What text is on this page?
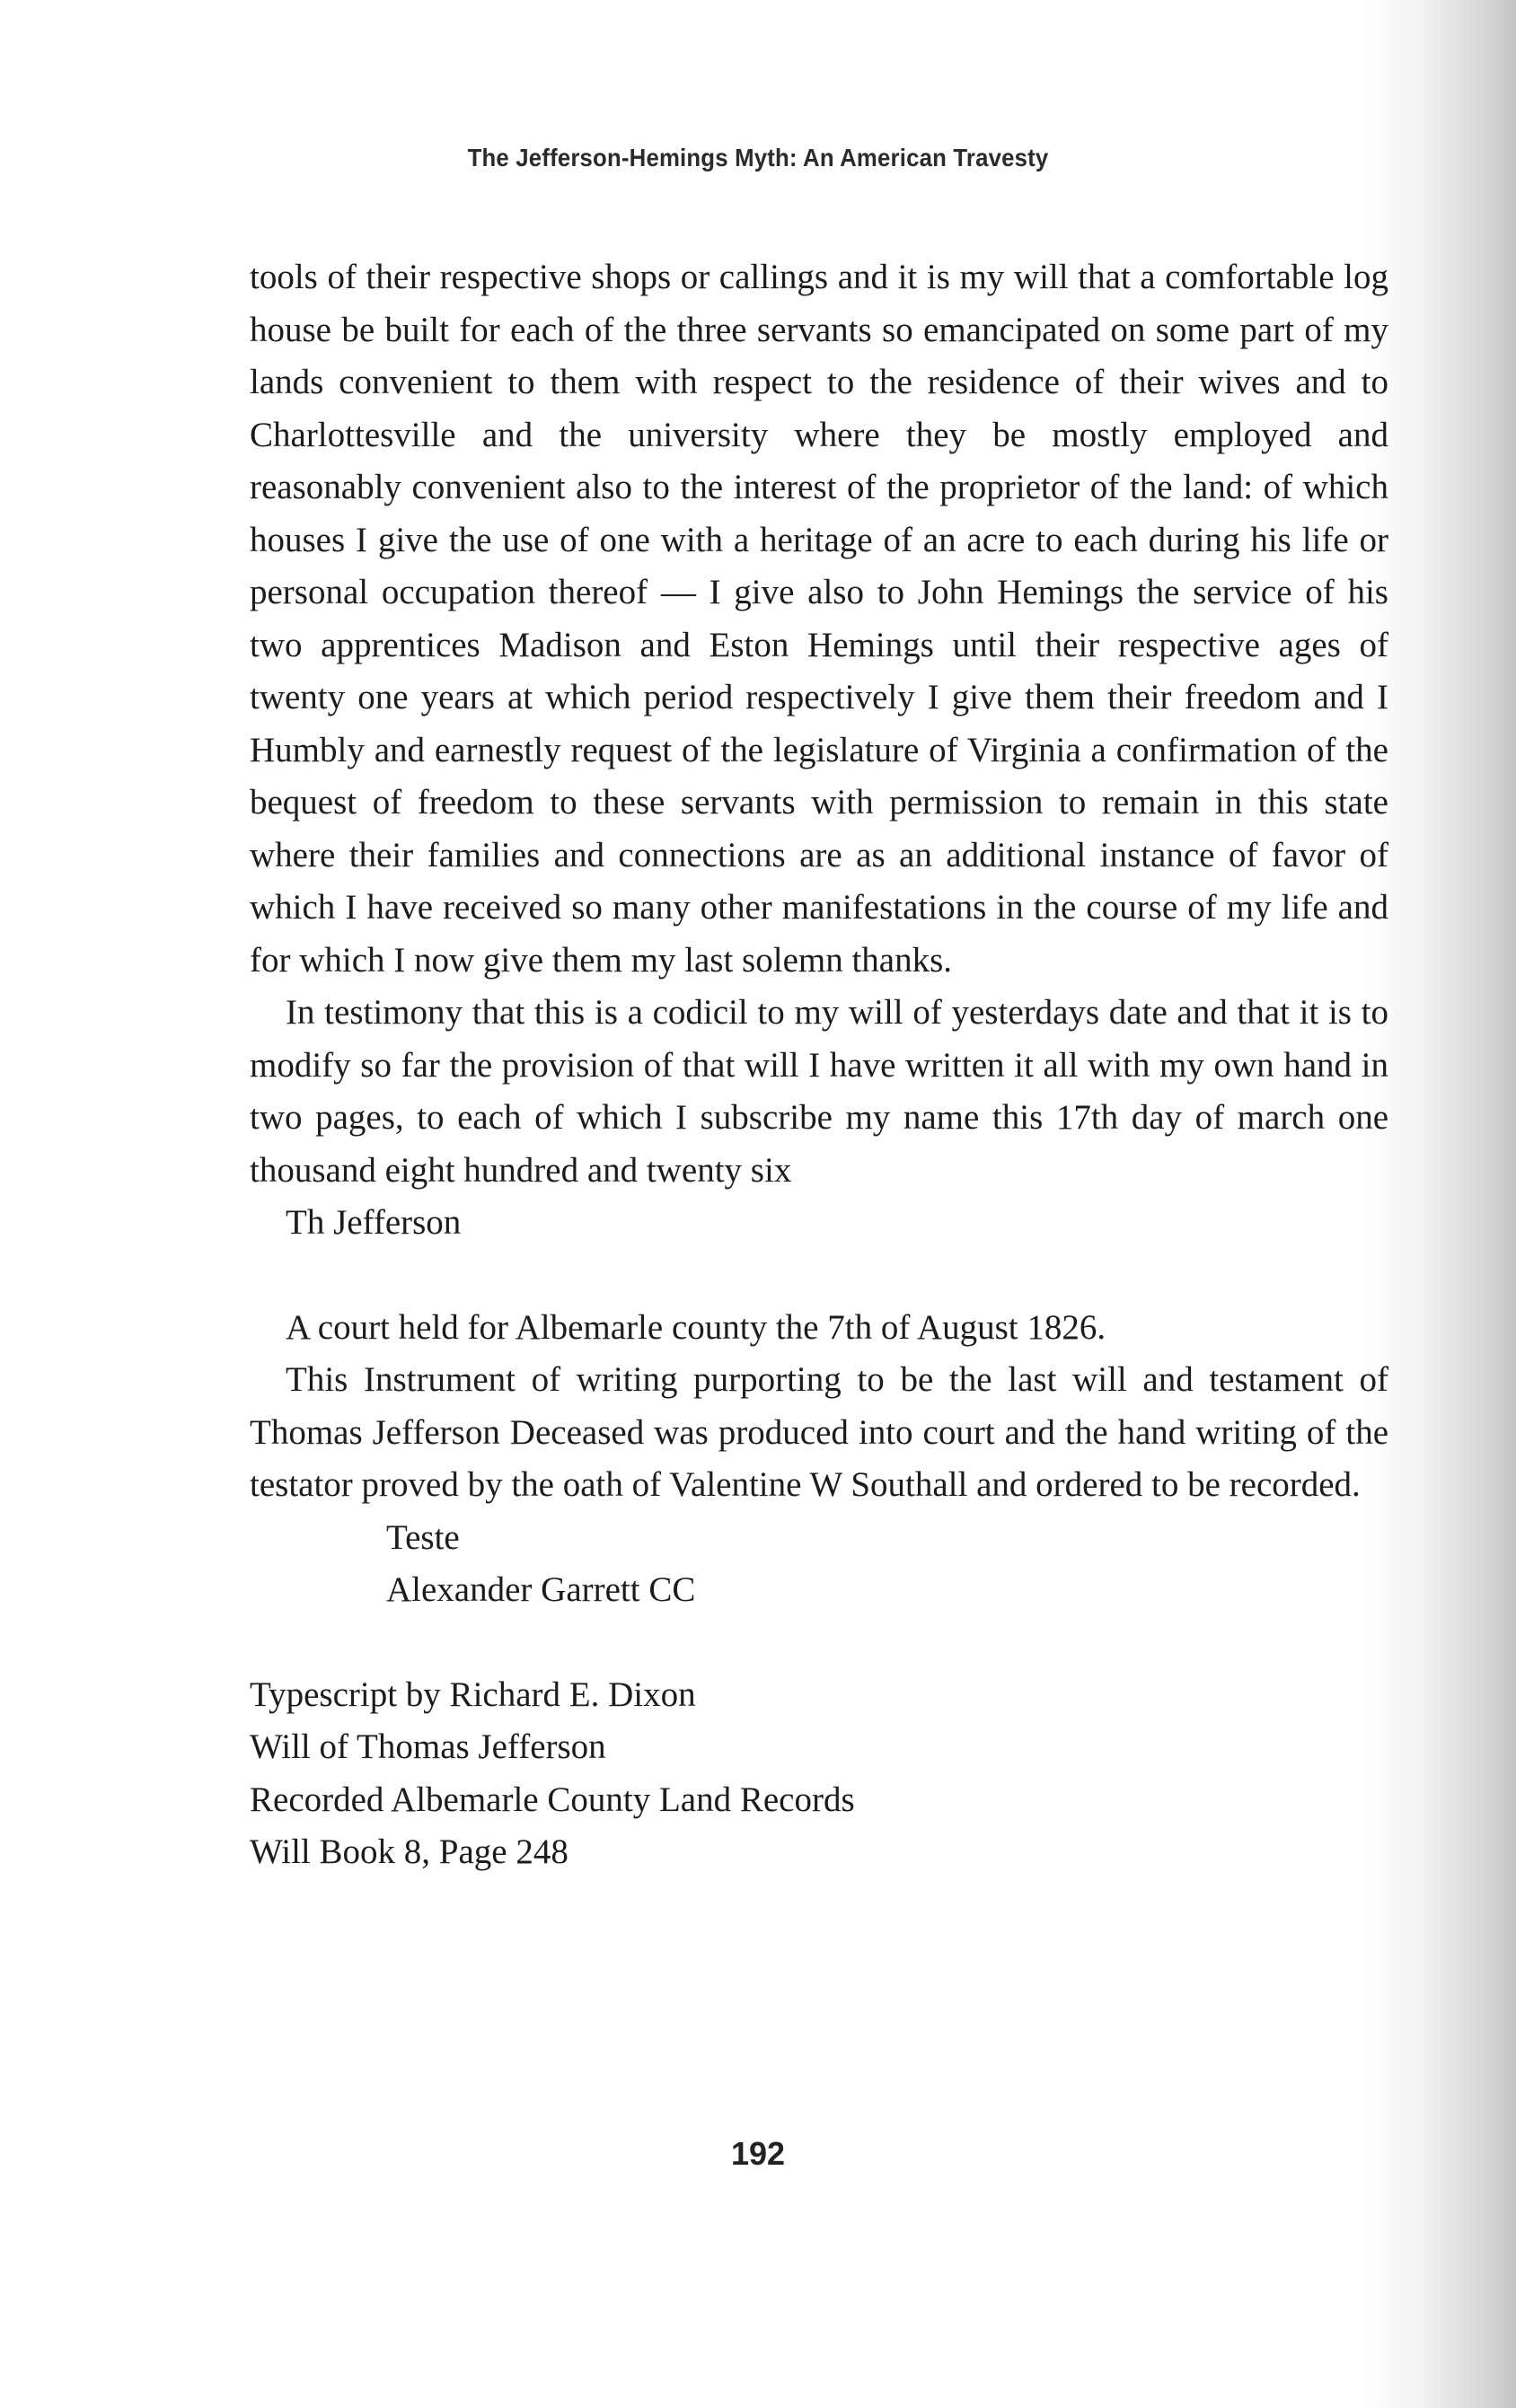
The Jefferson-Hemings Myth: An American Travesty

tools of their respective shops or callings and it is my will that a comfortable log house be built for each of the three servants so emancipated on some part of my lands convenient to them with respect to the residence of their wives and to Charlottesville and the university where they be mostly employed and reasonably convenient also to the interest of the proprietor of the land: of which houses I give the use of one with a heritage of an acre to each during his life or personal occupation thereof — I give also to John Hemings the service of his two apprentices Madison and Eston Hemings until their respective ages of twenty one years at which period respectively I give them their freedom and I Humbly and earnestly request of the legislature of Virginia a confirmation of the bequest of freedom to these servants with permission to remain in this state where their families and connections are as an additional instance of favor of which I have received so many other manifestations in the course of my life and for which I now give them my last solemn thanks.

In testimony that this is a codicil to my will of yesterdays date and that it is to modify so far the provision of that will I have written it all with my own hand in two pages, to each of which I subscribe my name this 17th day of march one thousand eight hundred and twenty six

Th Jefferson

A court held for Albemarle county the 7th of August 1826.

This Instrument of writing purporting to be the last will and testament of Thomas Jefferson Deceased was produced into court and the hand writing of the testator proved by the oath of Valentine W Southall and ordered to be recorded.

Teste

Alexander Garrett CC

Typescript by Richard E. Dixon

Will of Thomas Jefferson

Recorded Albemarle County Land Records

Will Book 8, Page 248

192
